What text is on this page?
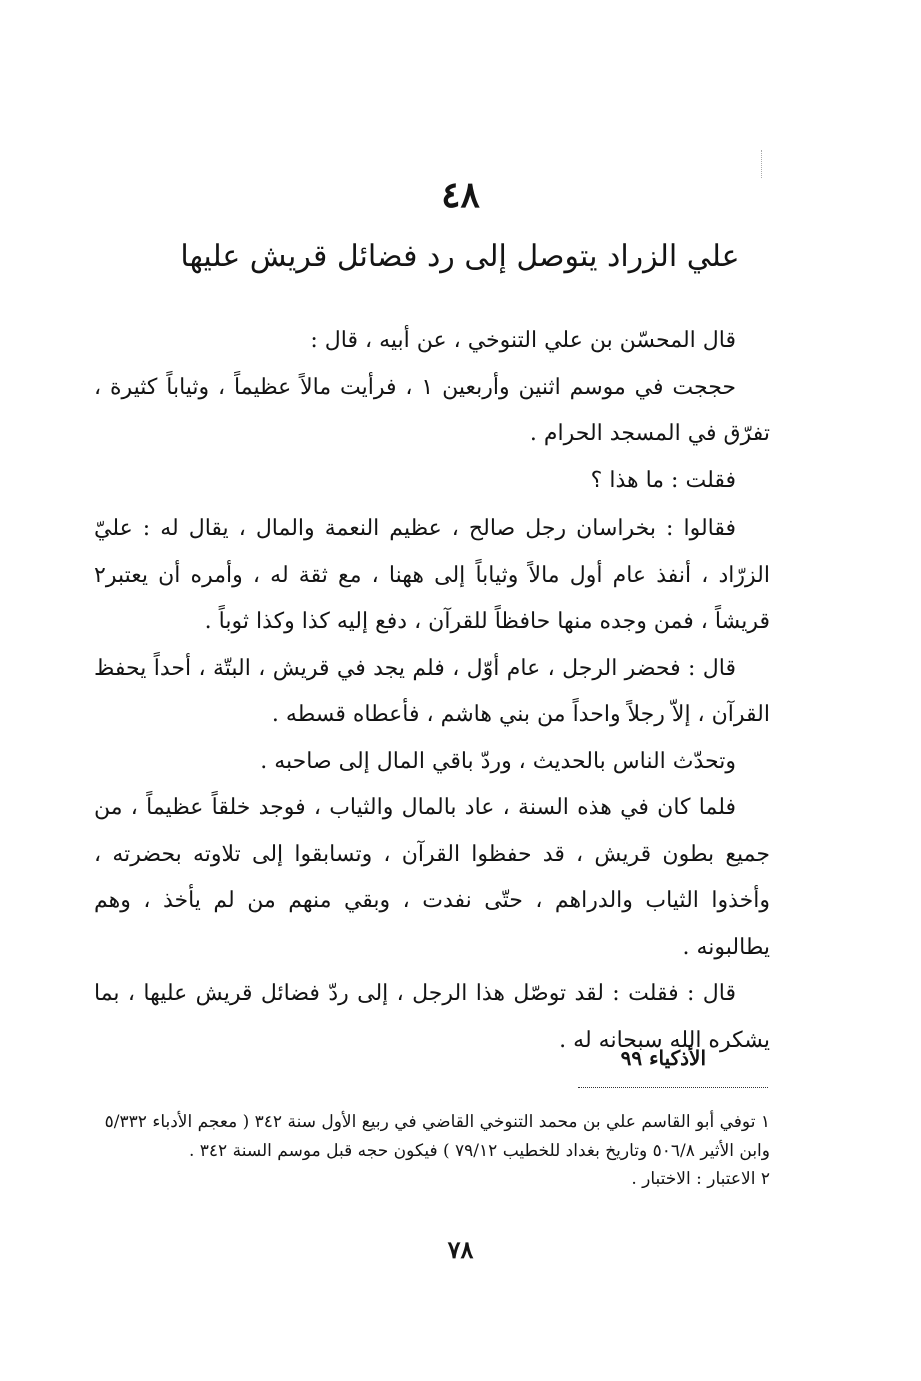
٤٨
علي الزراد يتوصل إلى رد فضائل قريش عليها

قال المحسّن بن علي التنوخي ، عن أبيه ، قال :

حججت في موسم اثنين وأربعين ١ ، فرأيت مالاً عظيماً ، وثياباً كثيرة ، تفرّق في المسجد الحرام .

فقلت : ما هذا ؟

فقالوا : بخراسان رجل صالح ، عظيم النعمة والمال ، يقال له : عليّ الزرّاد ، أنفذ عام أول مالاً وثياباً إلى ههنا ، مع ثقة له ، وأمره أن يعتبر٢ قريشاً ، فمن وجده منها حافظاً للقرآن ، دفع إليه كذا وكذا ثوباً .

قال : فحضر الرجل ، عام أوّل ، فلم يجد في قريش ، البتّة ، أحداً يحفظ القرآن ، إلاّ رجلاً واحداً من بني هاشم ، فأعطاه قسطه .

وتحدّث الناس بالحديث ، وردّ باقي المال إلى صاحبه .

فلما كان في هذه السنة ، عاد بالمال والثياب ، فوجد خلقاً عظيماً ، من جميع بطون قريش ، قد حفظوا القرآن ، وتسابقوا إلى تلاوته بحضرته ، وأخذوا الثياب والدراهم ، حتّى نفدت ، وبقي منهم من لم يأخذ ، وهم يطالبونه .

قال : فقلت : لقد توصّل هذا الرجل ، إلى ردّ فضائل قريش عليها ، بما يشكره الله سبحانه له .

الأذكياء ٩٩

١ توفي أبو القاسم علي بن محمد التنوخي القاضي في ربيع الأول سنة ٣٤٢ ( معجم الأدباء ٥/٣٣٢ وابن الأثير ٥٠٦/٨ وتاريخ بغداد للخطيب ٧٩/١٢ ) فيكون حجه قبل موسم السنة ٣٤٢ .

٢ الاعتبار : الاختبار .

٧٨
